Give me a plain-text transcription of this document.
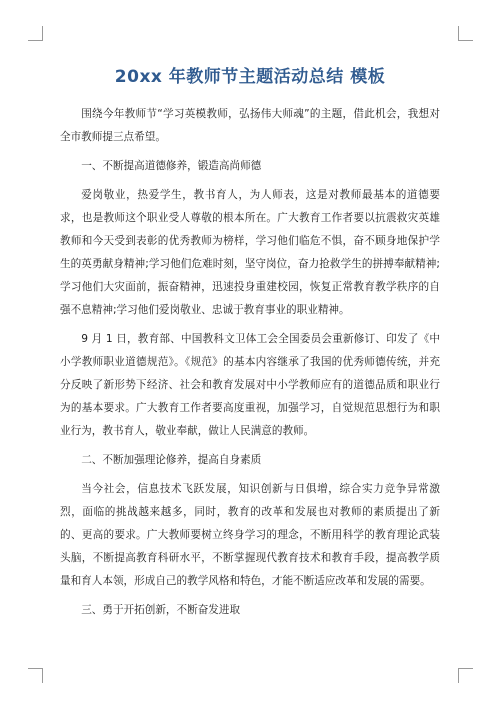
20xx 年教师节主题活动总结 模板

围绕今年教师节“学习英模教师，弘扬伟大师魂”的主题，借此机会，我想对全市教师提三点希望。

一、不断提高道德修养，锻造高尚师德

爱岗敬业，热爱学生，教书育人，为人师表，这是对教师最基本的道德要求，也是教师这个职业受人尊敬的根本所在。广大教育工作者要以抗震救灾英雄教师和今天受到表彰的优秀教师为榜样，学习他们临危不惧，奋不顾身地保护学生的英勇献身精神;学习他们危难时刻，坚守岗位，奋力抢救学生的拼搏奉献精神;学习他们大灾面前，振奋精神，迅速投身重建校园，恢复正常教育教学秩序的自强不息精神;学习他们爱岗敬业、忠诚于教育事业的职业精神。

9 月 1 日，教育部、中国教科文卫体工会全国委员会重新修订、印发了《中小学教师职业道德规范》。《规范》的基本内容继承了我国的优秀师德传统，并充分反映了新形势下经济、社会和教育发展对中小学教师应有的道德品质和职业行为的基本要求。广大教育工作者要高度重视，加强学习，自觉规范思想行为和职业行为，教书育人，敬业奉献，做让人民满意的教师。

二、不断加强理论修养，提高自身素质

当今社会，信息技术飞跃发展，知识创新与日俱增，综合实力竞争异常激烈，面临的挑战越来越多，同时，教育的改革和发展也对教师的素质提出了新的、更高的要求。广大教师要树立终身学习的理念，不断用科学的教育理论武装头脑，不断提高教育科研水平，不断掌握现代教育技术和教育手段，提高教学质量和育人本领，形成自己的教学风格和特色，才能不断适应改革和发展的需要。

三、勇于开拓创新，不断奋发进取
